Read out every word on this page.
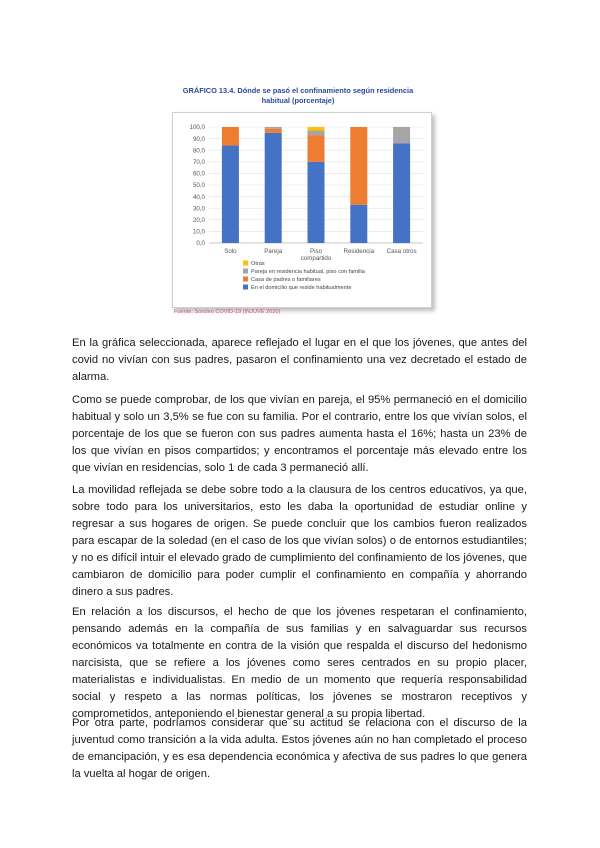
GRÁFICO 13.4. Dónde se pasó el confinamiento según residencia
habitual (porcentaje)
0,0
10,0
20,0
30,0
40,0
50,0
60,0
70,0
80,0
90,0
100,0
Solo	Pareja	Piso
compartido
Residencia Casa otros
Otras
Pareja en residencia habitual, piso con familia
Casa de padres o familiares
En el domicilio que reside habitualmente
Fuente: Sondeo COVID-19 (INJUVE 2020)

En la gráfica seleccionada, aparece reflejado el lugar en el que los jóvenes, que antes del covid no vivían con sus padres, pasaron el confinamiento una vez decretado el estado de alarma.

Como se puede comprobar, de los que vivían en pareja, el 95% permaneció en el domicilio habitual y solo un 3,5% se fue con su familia. Por el contrario, entre los que vivían solos, el porcentaje de los que se fueron con sus padres aumenta hasta el 16%; hasta un 23% de los que vivían en pisos compartidos; y encontramos el porcentaje más elevado entre los que vivían en residencias, solo 1 de cada 3 permaneció allí.

La movilidad reflejada se debe sobre todo a la clausura de los centros educativos, ya que, sobre todo para los universitarios, esto les daba la oportunidad de estudiar online y regresar a sus hogares de origen. Se puede concluir que los cambios fueron realizados para escapar de la soledad (en el caso de los que vivían solos) o de entornos estudiantiles; y no es difícil intuir el elevado grado de cumplimiento del confinamiento de los jóvenes, que cambiaron de domicilio para poder cumplir el confinamiento en compañía y ahorrando dinero a sus padres.

En relación a los discursos, el hecho de que los jóvenes respetaran el confinamiento, pensando además en la compañía de sus familias y en salvaguardar sus recursos económicos va totalmente en contra de la visión que respalda el discurso del hedonismo narcisista, que se refiere a los jóvenes como seres centrados en su propio placer, materialistas e individualistas. En medio de un momento que requería responsabilidad social y respeto a las normas políticas, los jóvenes se mostraron receptivos y comprometidos, anteponiendo el bienestar general a su propia libertad.

Por otra parte, podríamos considerar que su actitud se relaciona con el discurso de la juventud como transición a la vida adulta. Estos jóvenes aún no han completado el proceso de emancipación, y es esa dependencia económica y afectiva de sus padres lo que genera la vuelta al hogar de origen.
